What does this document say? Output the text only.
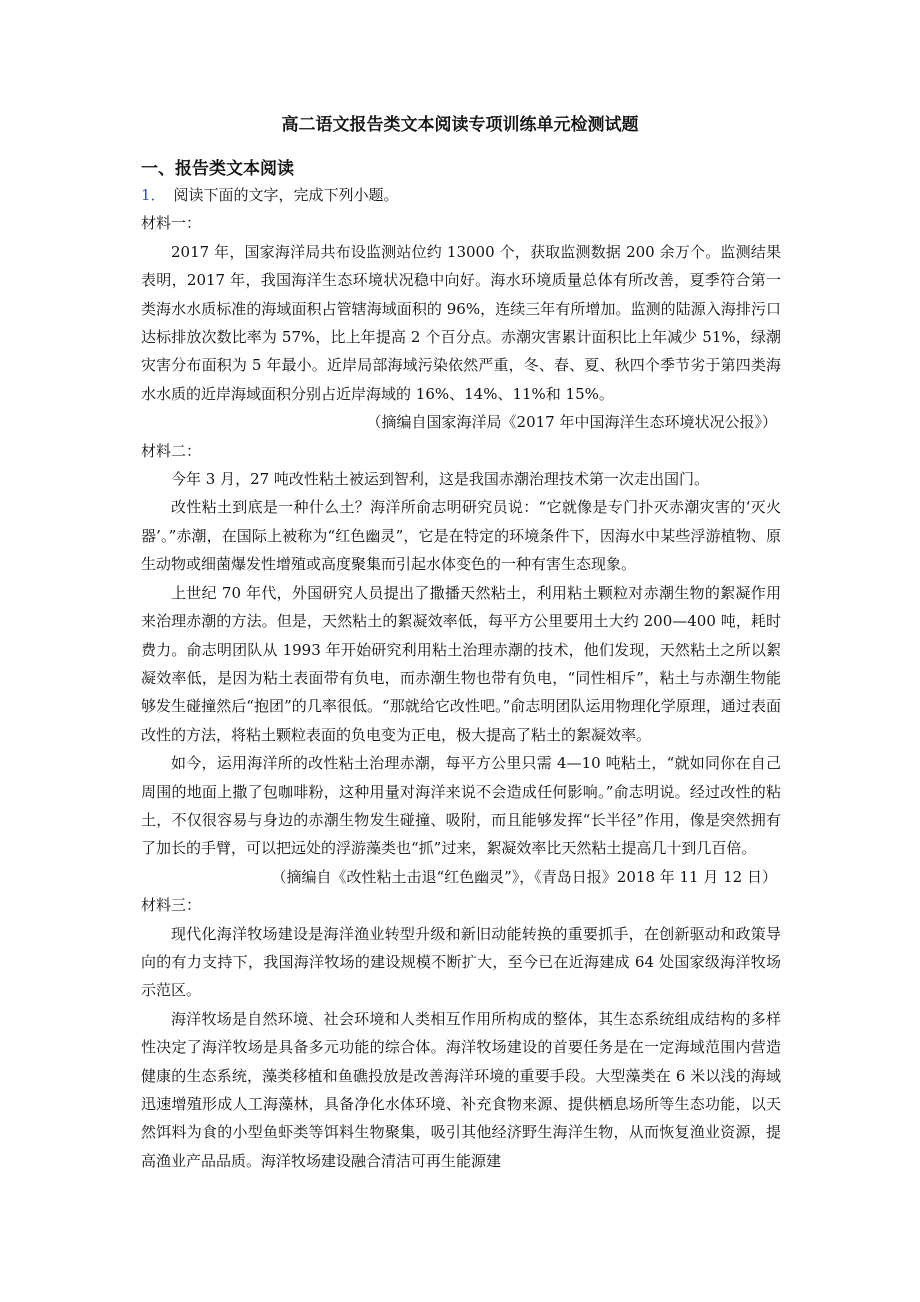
高二语文报告类文本阅读专项训练单元检测试题
一、报告类文本阅读

1． 阅读下面的文字，完成下列小题。

材料一：

2017 年，国家海洋局共布设监测站位约 13000 个，获取监测数据 200 余万个。监测结果表明，2017 年，我国海洋生态环境状况稳中向好。海水环境质量总体有所改善，夏季符合第一类海水水质标准的海域面积占管辖海域面积的 96%，连续三年有所增加。监测的陆源入海排污口达标排放次数比率为 57%，比上年提高 2 个百分点。赤潮灾害累计面积比上年减少 51%，绿潮灾害分布面积为 5 年最小。近岸局部海域污染依然严重，冬、春、夏、秋四个季节劣于第四类海水水质的近岸海域面积分别占近岸海域的 16%、14%、11%和 15%。

（摘编自国家海洋局《2017 年中国海洋生态环境状况公报》）

材料二：

今年 3 月，27 吨改性粘土被运到智利，这是我国赤潮治理技术第一次走出国门。

改性粘土到底是一种什么土？海洋所俞志明研究员说：“它就像是专门扑灭赤潮灾害的‘灭火器’。”赤潮，在国际上被称为“红色幽灵”，它是在特定的环境条件下，因海水中某些浮游植物、原生动物或细菌爆发性增殖或高度聚集而引起水体变色的一种有害生态现象。

上世纪 70 年代，外国研究人员提出了撒播天然粘土，利用粘土颗粒对赤潮生物的絮凝作用来治理赤潮的方法。但是，天然粘土的絮凝效率低，每平方公里要用土大约 200—400 吨，耗时费力。俞志明团队从 1993 年开始研究利用粘土治理赤潮的技术，他们发现，天然粘土之所以絮凝效率低，是因为粘土表面带有负电，而赤潮生物也带有负电，“同性相斥”，粘土与赤潮生物能够发生碰撞然后“抱团”的几率很低。“那就给它改性吧。”俞志明团队运用物理化学原理，通过表面改性的方法，将粘土颗粒表面的负电变为正电，极大提高了粘土的絮凝效率。

如今，运用海洋所的改性粘土治理赤潮，每平方公里只需 4—10 吨粘土，“就如同你在自己周围的地面上撒了包咖啡粉，这种用量对海洋来说不会造成任何影响。”俞志明说。经过改性的粘土，不仅很容易与身边的赤潮生物发生碰撞、吸附，而且能够发挥“长半径”作用，像是突然拥有了加长的手臂，可以把远处的浮游藻类也“抓”过来，絮凝效率比天然粘土提高几十到几百倍。

（摘编自《改性粘土击退“红色幽灵”》，《青岛日报》2018 年 11 月 12 日）

材料三：

现代化海洋牧场建设是海洋渔业转型升级和新旧动能转换的重要抓手，在创新驱动和政策导向的有力支持下，我国海洋牧场的建设规模不断扩大，至今已在近海建成 64 处国家级海洋牧场示范区。

海洋牧场是自然环境、社会环境和人类相互作用所构成的整体，其生态系统组成结构的多样性决定了海洋牧场是具备多元功能的综合体。海洋牧场建设的首要任务是在一定海域范围内营造健康的生态系统，藻类移植和鱼礁投放是改善海洋环境的重要手段。大型藻类在 6 米以浅的海域迅速增殖形成人工海藻林，具备净化水体环境、补充食物来源、提供栖息场所等生态功能，以天然饵料为食的小型鱼虾类等饵料生物聚集，吸引其他经济野生海洋生物，从而恢复渔业资源，提高渔业产品品质。海洋牧场建设融合清洁可再生能源建
